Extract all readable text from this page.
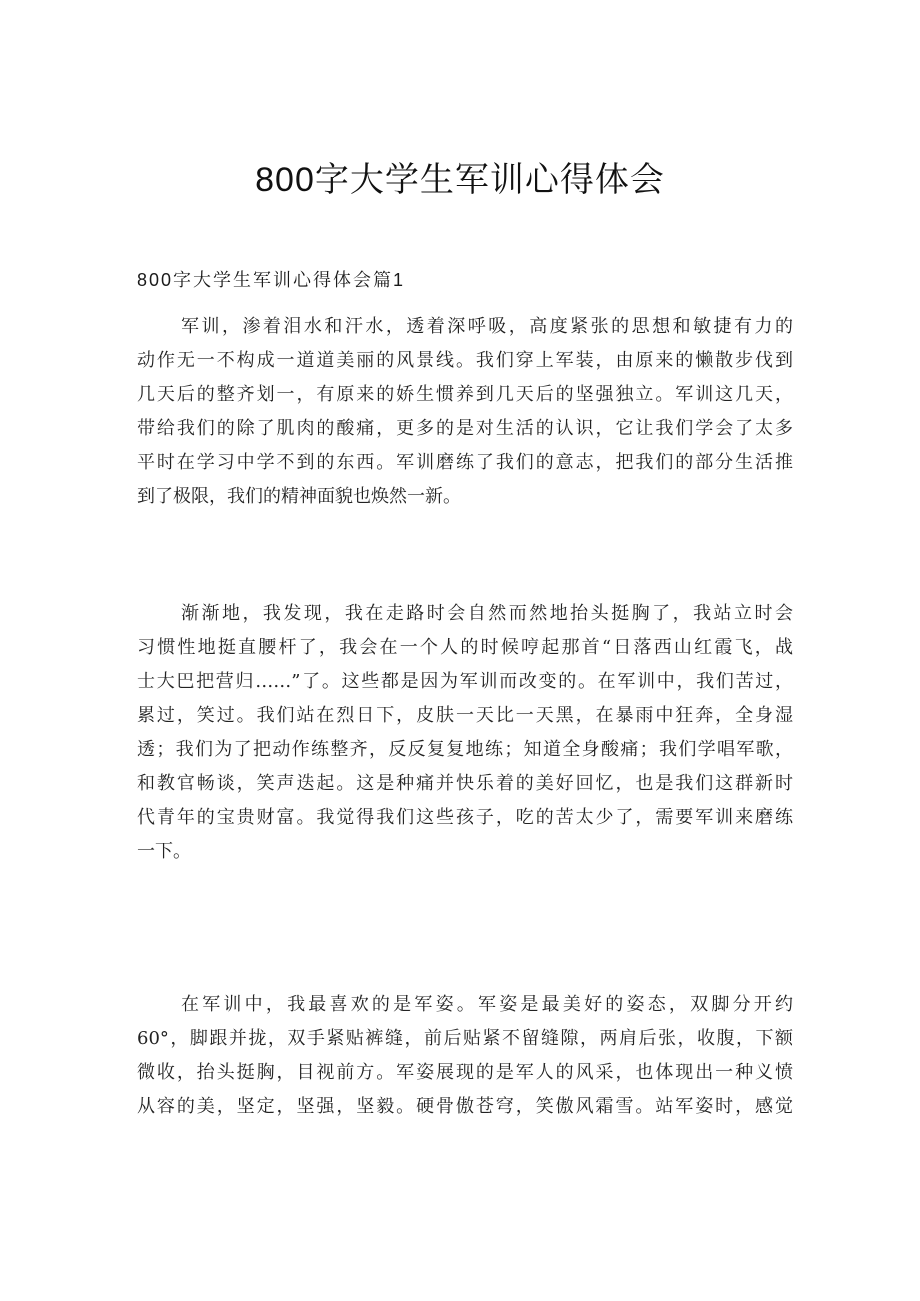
800字大学生军训心得体会
800字大学生军训心得体会篇1
军训，渗着泪水和汗水，透着深呼吸，高度紧张的思想和敏捷有力的
动作无一不构成一道道美丽的风景线。我们穿上军装，由原来的懒散步伐到
几天后的整齐划一，有原来的娇生惯养到几天后的坚强独立。军训这几天，
带给我们的除了肌肉的酸痛，更多的是对生活的认识，它让我们学会了太多
平时在学习中学不到的东西。军训磨练了我们的意志，把我们的部分生活推
到了极限，我们的精神面貌也焕然一新。
渐渐地，我发现，我在走路时会自然而然地抬头挺胸了，我站立时会
习惯性地挺直腰杆了，我会在一个人的时候哼起那首“日落西山红霞飞，战
士大巴把营归……”了。这些都是因为军训而改变的。在军训中，我们苦过，
累过，笑过。我们站在烈日下，皮肤一天比一天黑，在暴雨中狂奔，全身湿
透；我们为了把动作练整齐，反反复复地练；知道全身酸痛；我们学唱军歌，
和教官畅谈，笑声迭起。这是种痛并快乐着的美好回忆，也是我们这群新时
代青年的宝贵财富。我觉得我们这些孩子，吃的苦太少了，需要军训来磨练
一下。
在军训中，我最喜欢的是军姿。军姿是最美好的姿态，双脚分开约
60°，脚跟并拢，双手紧贴裤缝，前后贴紧不留缝隙，两肩后张，收腹，下额
微收，抬头挺胸，目视前方。军姿展现的是军人的风采，也体现出一种义愤
从容的美，坚定，坚强，坚毅。硬骨傲苍穹，笑傲风霜雪。站军姿时，感觉
